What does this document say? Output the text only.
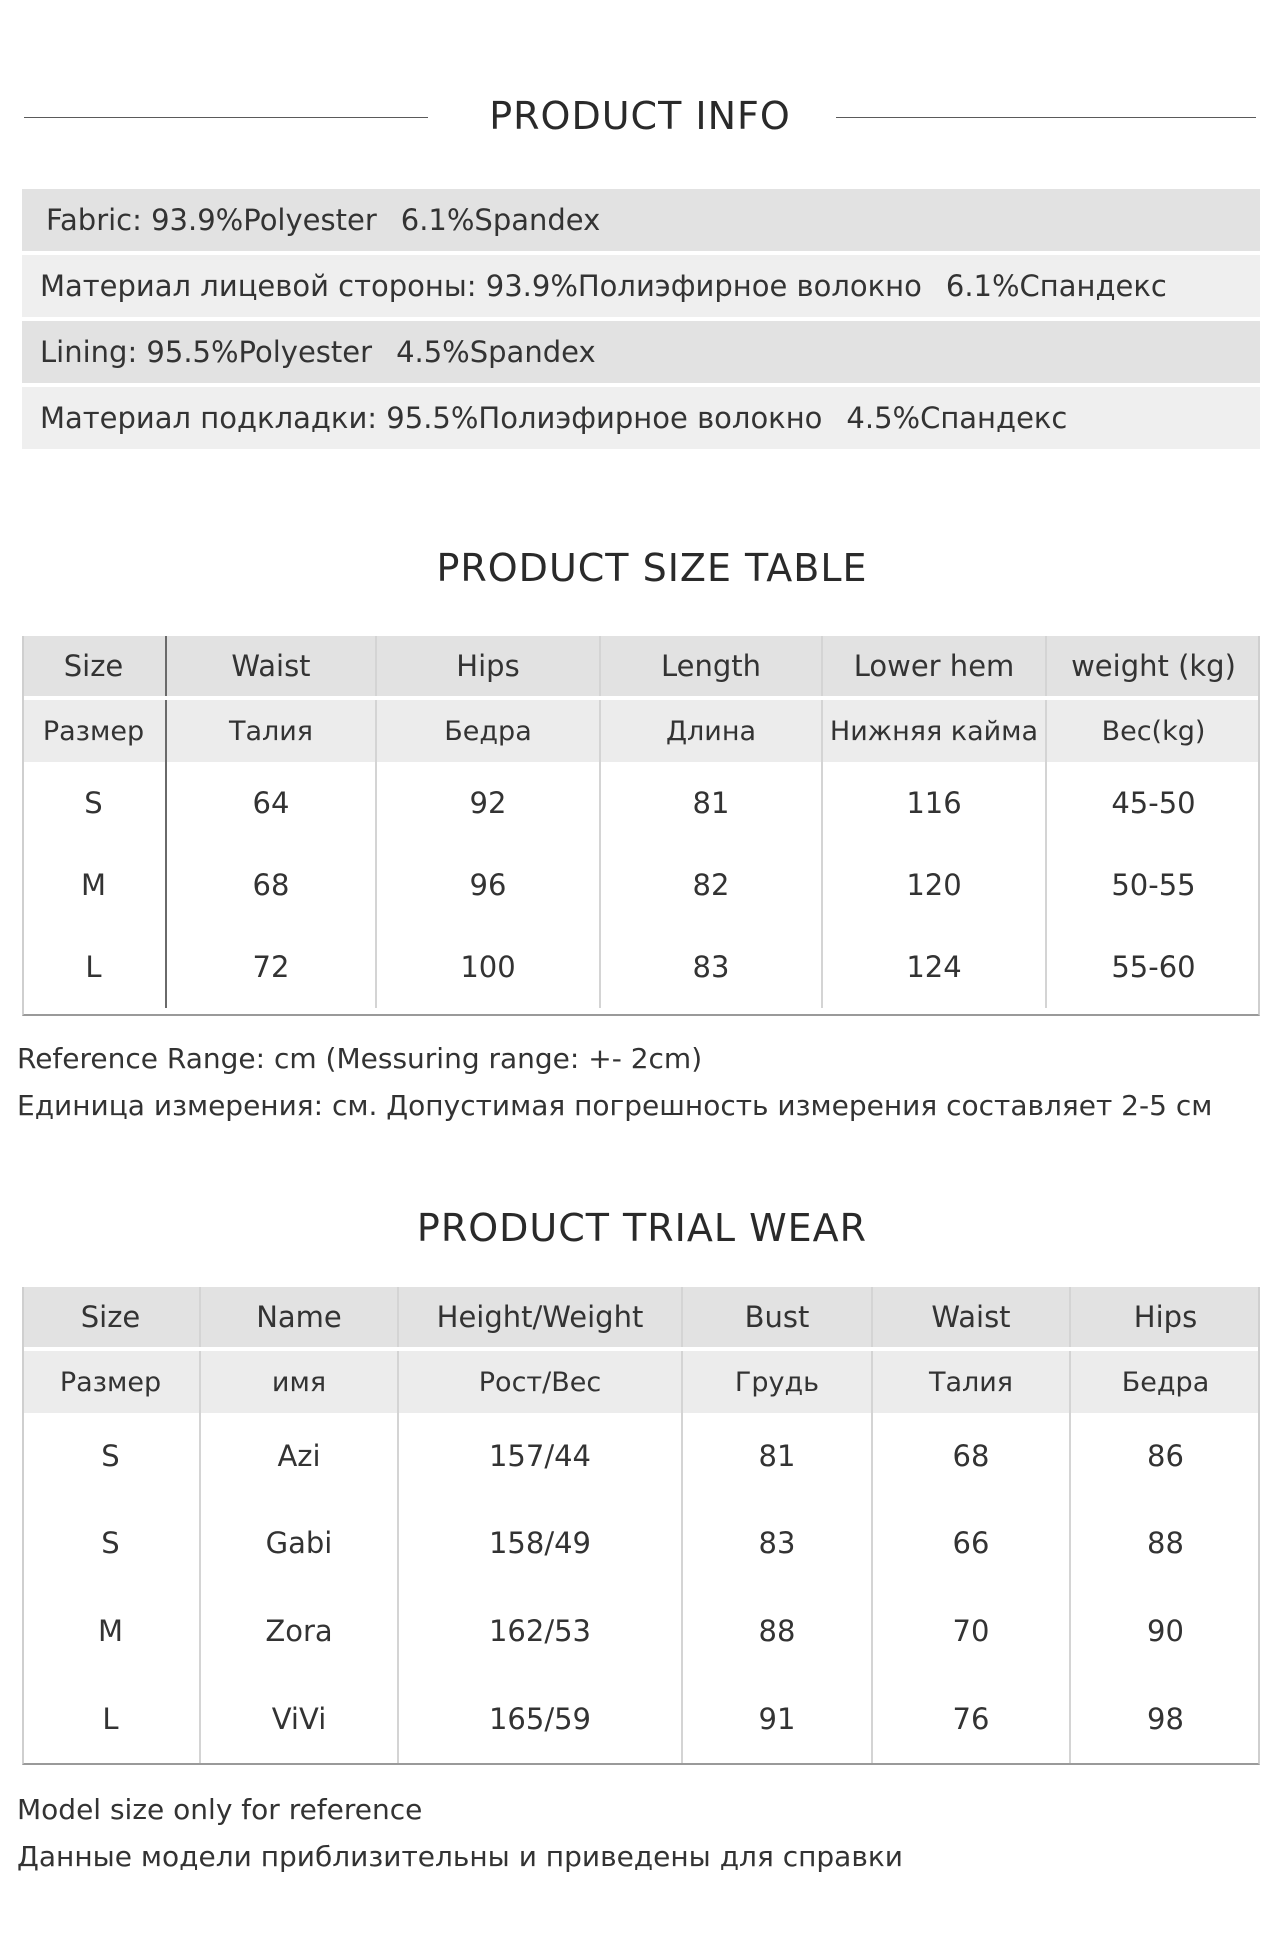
PRODUCT INFO
Fabric: 93.9%Polyester 6.1%Spandex
Материал лицевой стороны: 93.9%Полиэфирное волокно 6.1%Спандекс
Lining: 95.5%Polyester 4.5%Spandex
Материал подкладки: 95.5%Полиэфирное волокно 4.5%Спандекс
PRODUCT SIZE TABLE
Size	Waist	Hips	Length	Lower hem	weight (kg)
Размер	Талия	Бедра	Длина	Нижняя кайма	Вес(kg)
S	64	92	81	116	45-50
M	68	96	82	120	50-55
L	72	100	83	124	55-60
Reference Range: cm (Messuring range: +- 2cm)
Единица измерения: см. Допустимая погрешность измерения составляет 2-5 см
PRODUCT TRIAL WEAR
Size	Name	Height/Weight	Bust	Waist	Hips
Размер	имя	Рост/Вес	Грудь	Талия	Бедра
S	Azi	157/44	81	68	86
S	Gabi	158/49	83	66	88
M	Zora	162/53	88	70	90
L	ViVi	165/59	91	76	98
Model size only for reference
Данные модели приблизительны и приведены для справки
